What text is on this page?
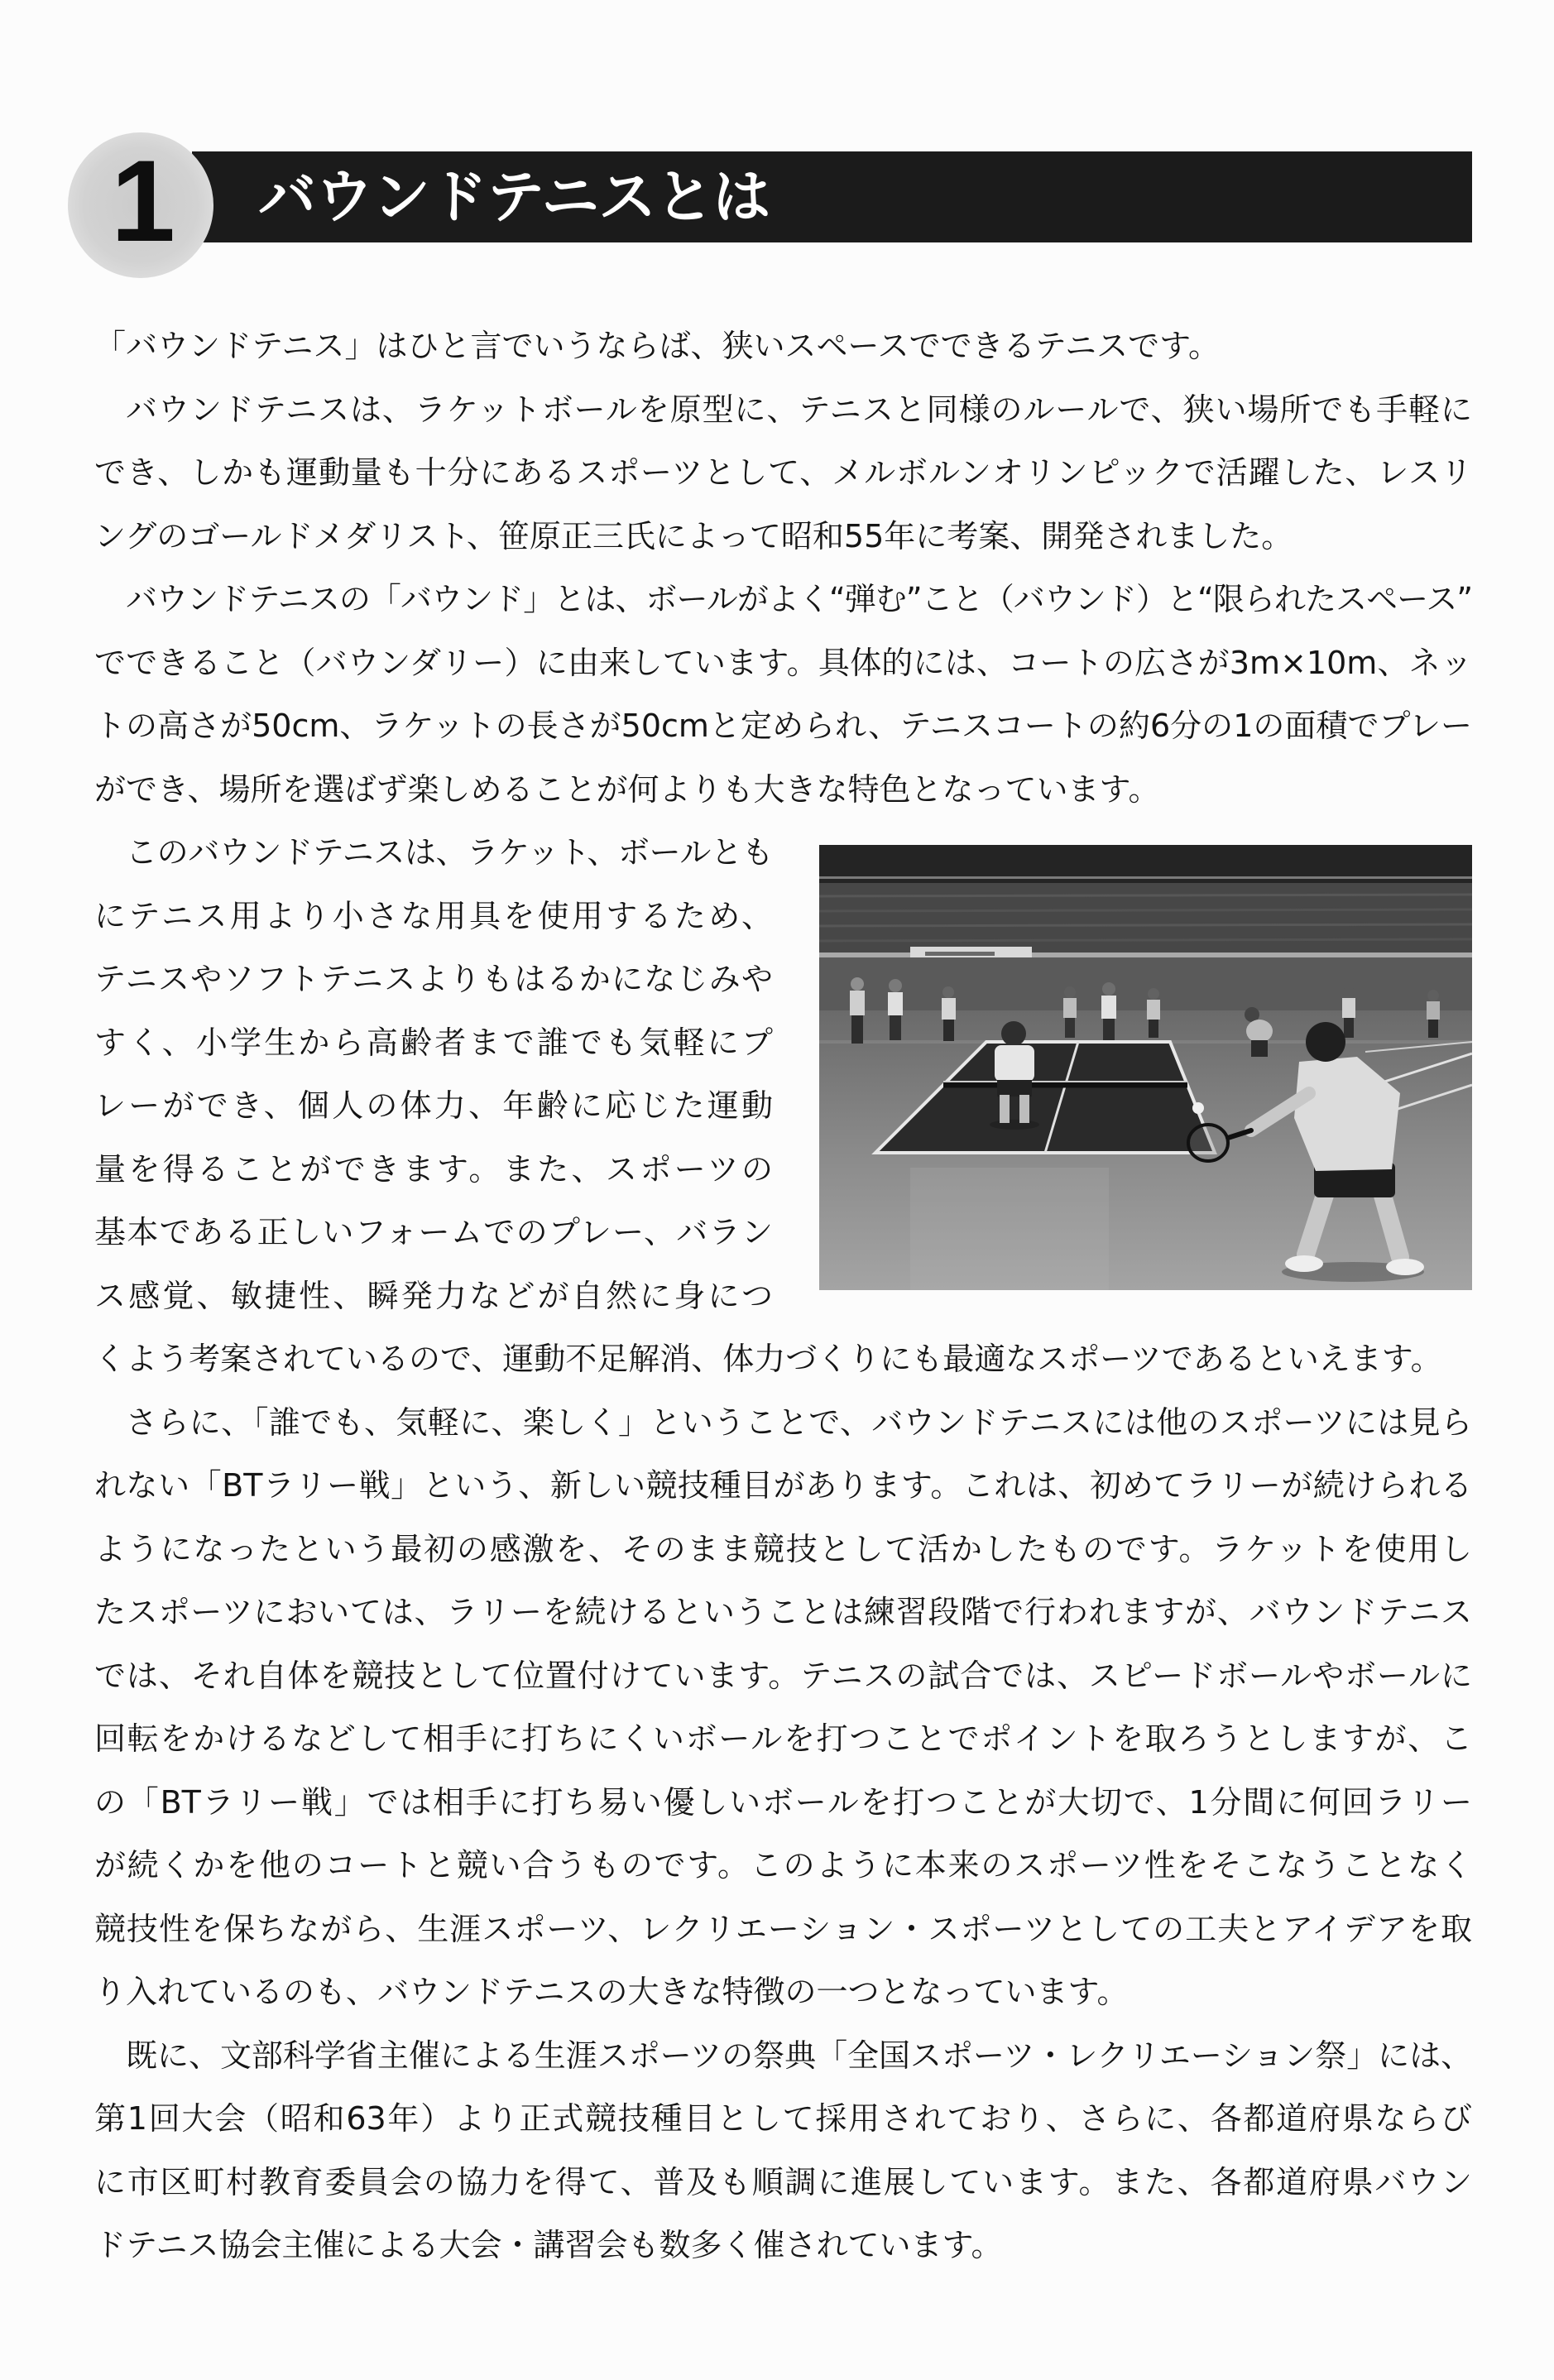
バウンドテニスとは
1
「バウンドテニス」はひと言でいうならば、狭いスペースでできるテニスです。
バウンドテニスは、ラケットボールを原型に、テニスと同様のルールで、狭い場所でも手軽に
でき、しかも運動量も十分にあるスポーツとして、メルボルンオリンピックで活躍した、レスリ
ングのゴールドメダリスト、笹原正三氏によって昭和55年に考案、開発されました。
バウンドテニスの「バウンド」とは、ボールがよく“弾む”こと（バウンド）と“限られたスペース”
でできること（バウンダリー）に由来しています。具体的には、コートの広さが3m×10m、ネッ
トの高さが50cm、ラケットの長さが50cmと定められ、テニスコートの約6分の1の面積でプレー
ができ、場所を選ばず楽しめることが何よりも大きな特色となっています。
このバウンドテニスは、ラケット、ボールとも
にテニス用より小さな用具を使用するため、
テニスやソフトテニスよりもはるかになじみや
すく、小学生から高齢者まで誰でも気軽にプ
レーができ、個人の体力、年齢に応じた運動
量を得ることができます。また、スポーツの
基本である正しいフォームでのプレー、バラン
ス感覚、敏捷性、瞬発力などが自然に身につ
くよう考案されているので、運動不足解消、体力づくりにも最適なスポーツであるといえます。
さらに、「誰でも、気軽に、楽しく」ということで、バウンドテニスには他のスポーツには見ら
れない「BTラリー戦」という、新しい競技種目があります。これは、初めてラリーが続けられる
ようになったという最初の感激を、そのまま競技として活かしたものです。ラケットを使用し
たスポーツにおいては、ラリーを続けるということは練習段階で行われますが、バウンドテニス
では、それ自体を競技として位置付けています。テニスの試合では、スピードボールやボールに
回転をかけるなどして相手に打ちにくいボールを打つことでポイントを取ろうとしますが、こ
の「BTラリー戦」では相手に打ち易い優しいボールを打つことが大切で、1分間に何回ラリー
が続くかを他のコートと競い合うものです。このように本来のスポーツ性をそこなうことなく
競技性を保ちながら、生涯スポーツ、レクリエーション・スポーツとしての工夫とアイデアを取
り入れているのも、バウンドテニスの大きな特徴の一つとなっています。
既に、文部科学省主催による生涯スポーツの祭典「全国スポーツ・レクリエーション祭」には、
第1回大会（昭和63年）より正式競技種目として採用されており、さらに、各都道府県ならび
に市区町村教育委員会の協力を得て、普及も順調に進展しています。また、各都道府県バウン
ドテニス協会主催による大会・講習会も数多く催されています。
